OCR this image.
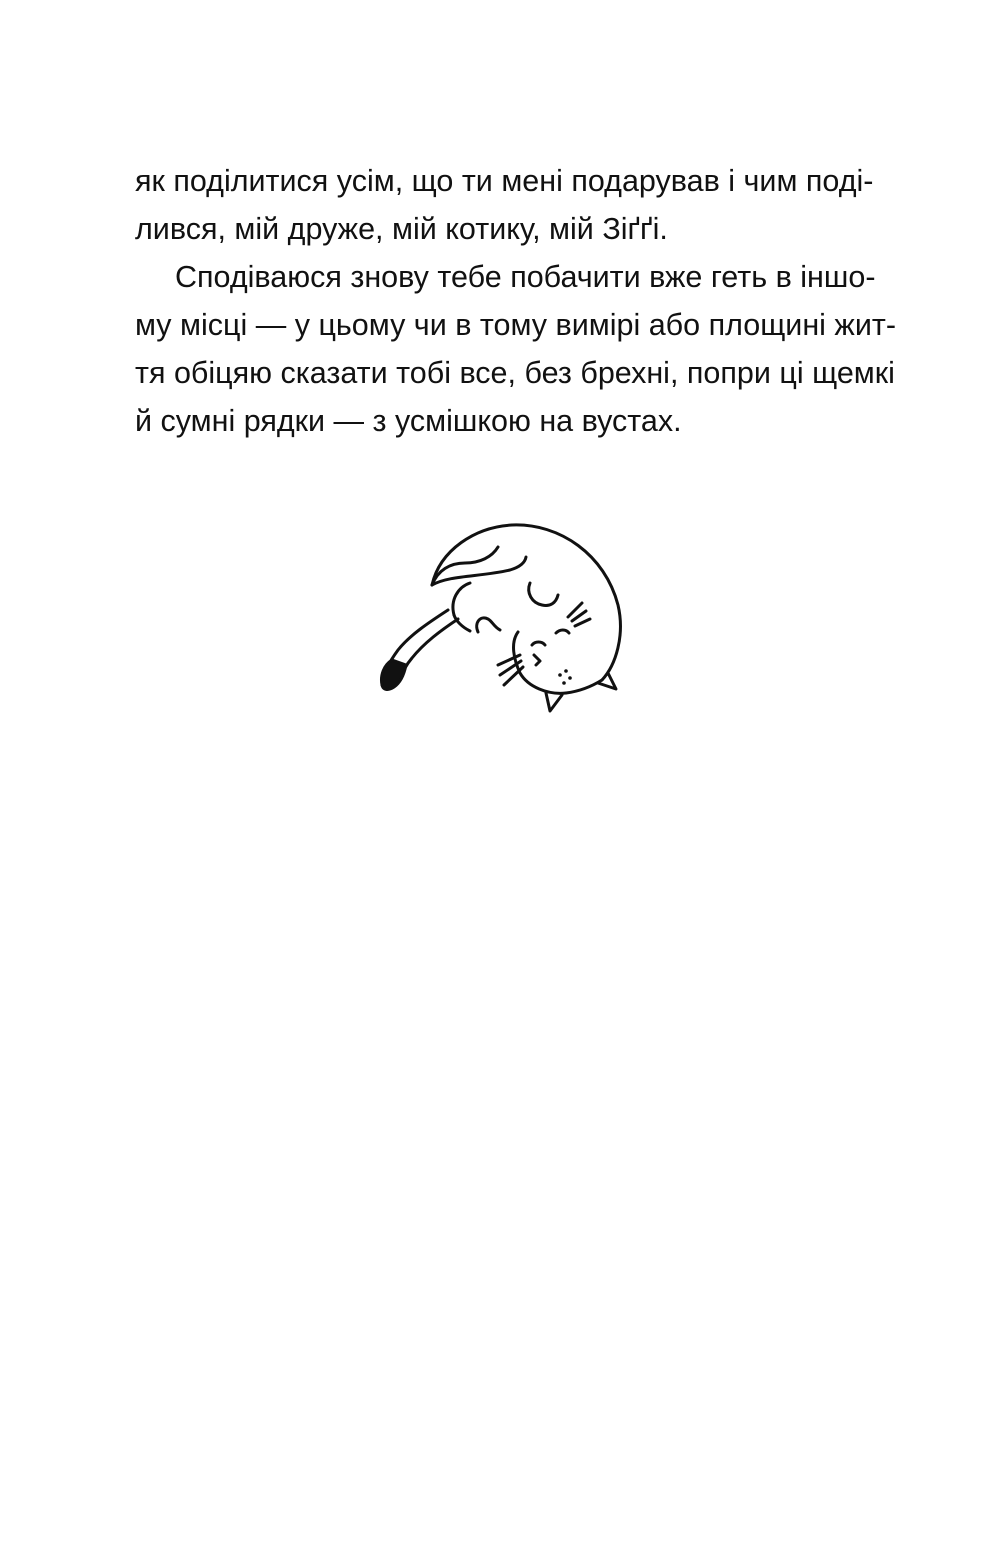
як поділитися усім, що ти мені подарував і чим поді-
лився, мій друже, мій котику, мій Зіґґі.

Сподіваюся знову тебе побачити вже геть в іншо-
му місці — у цьому чи в тому вимірі або площині жит-
тя обіцяю сказати тобі все, без брехні, попри ці щемкі
й сумні рядки — з усмішкою на вустах.
